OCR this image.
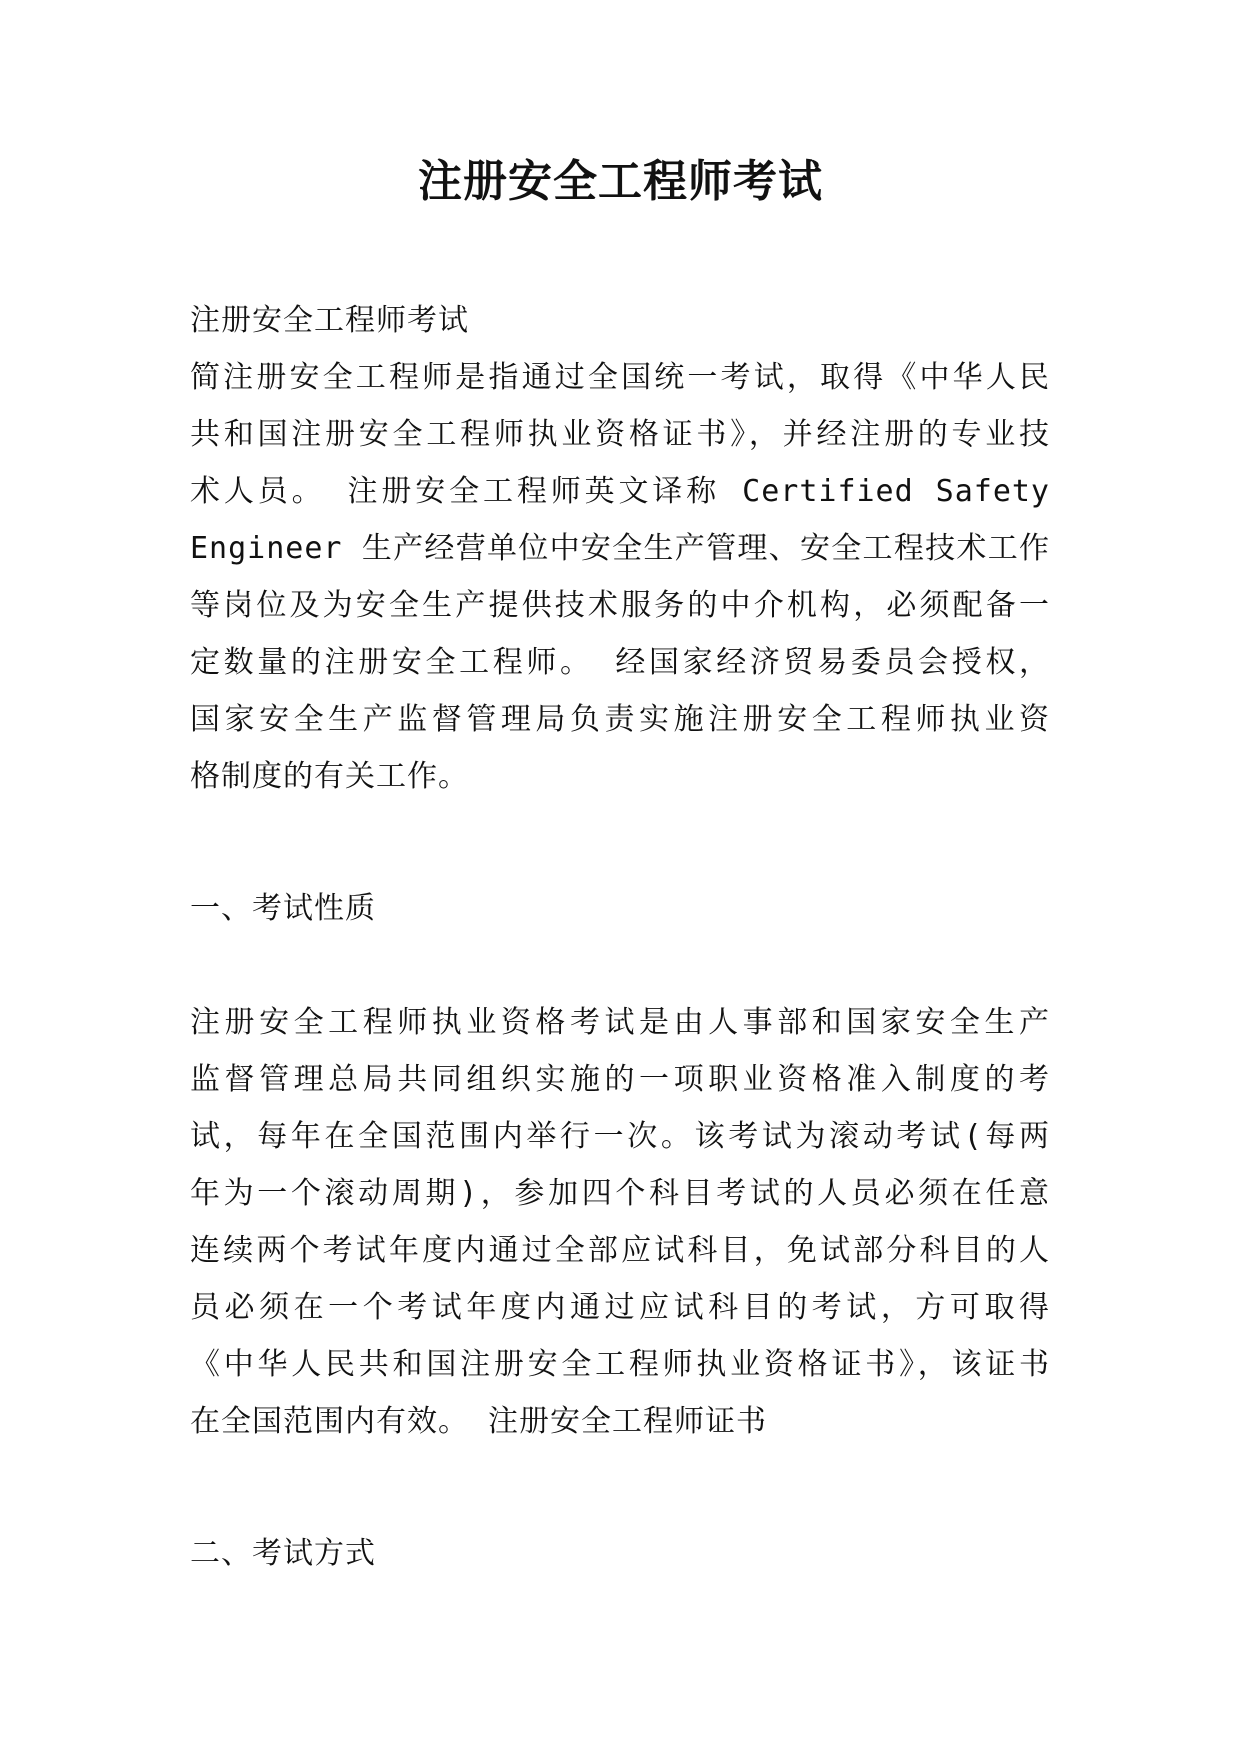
注册安全工程师考试
注册安全工程师考试
简注册安全工程师是指通过全国统一考试，取得《中华人民
共和国注册安全工程师执业资格证书》，并经注册的专业技
术人员。 注册安全工程师英文译称 Certified Safety
Engineer 生产经营单位中安全生产管理、安全工程技术工作
等岗位及为安全生产提供技术服务的中介机构，必须配备一
定数量的注册安全工程师。 经国家经济贸易委员会授权，
国家安全生产监督管理局负责实施注册安全工程师执业资
格制度的有关工作。
一、考试性质
注册安全工程师执业资格考试是由人事部和国家安全生产
监督管理总局共同组织实施的一项职业资格准入制度的考
试，每年在全国范围内举行一次。该考试为滚动考试(每两
年为一个滚动周期)，参加四个科目考试的人员必须在任意
连续两个考试年度内通过全部应试科目，免试部分科目的人
员必须在一个考试年度内通过应试科目的考试，方可取得
《中华人民共和国注册安全工程师执业资格证书》，该证书
在全国范围内有效。 注册安全工程师证书
二、考试方式
